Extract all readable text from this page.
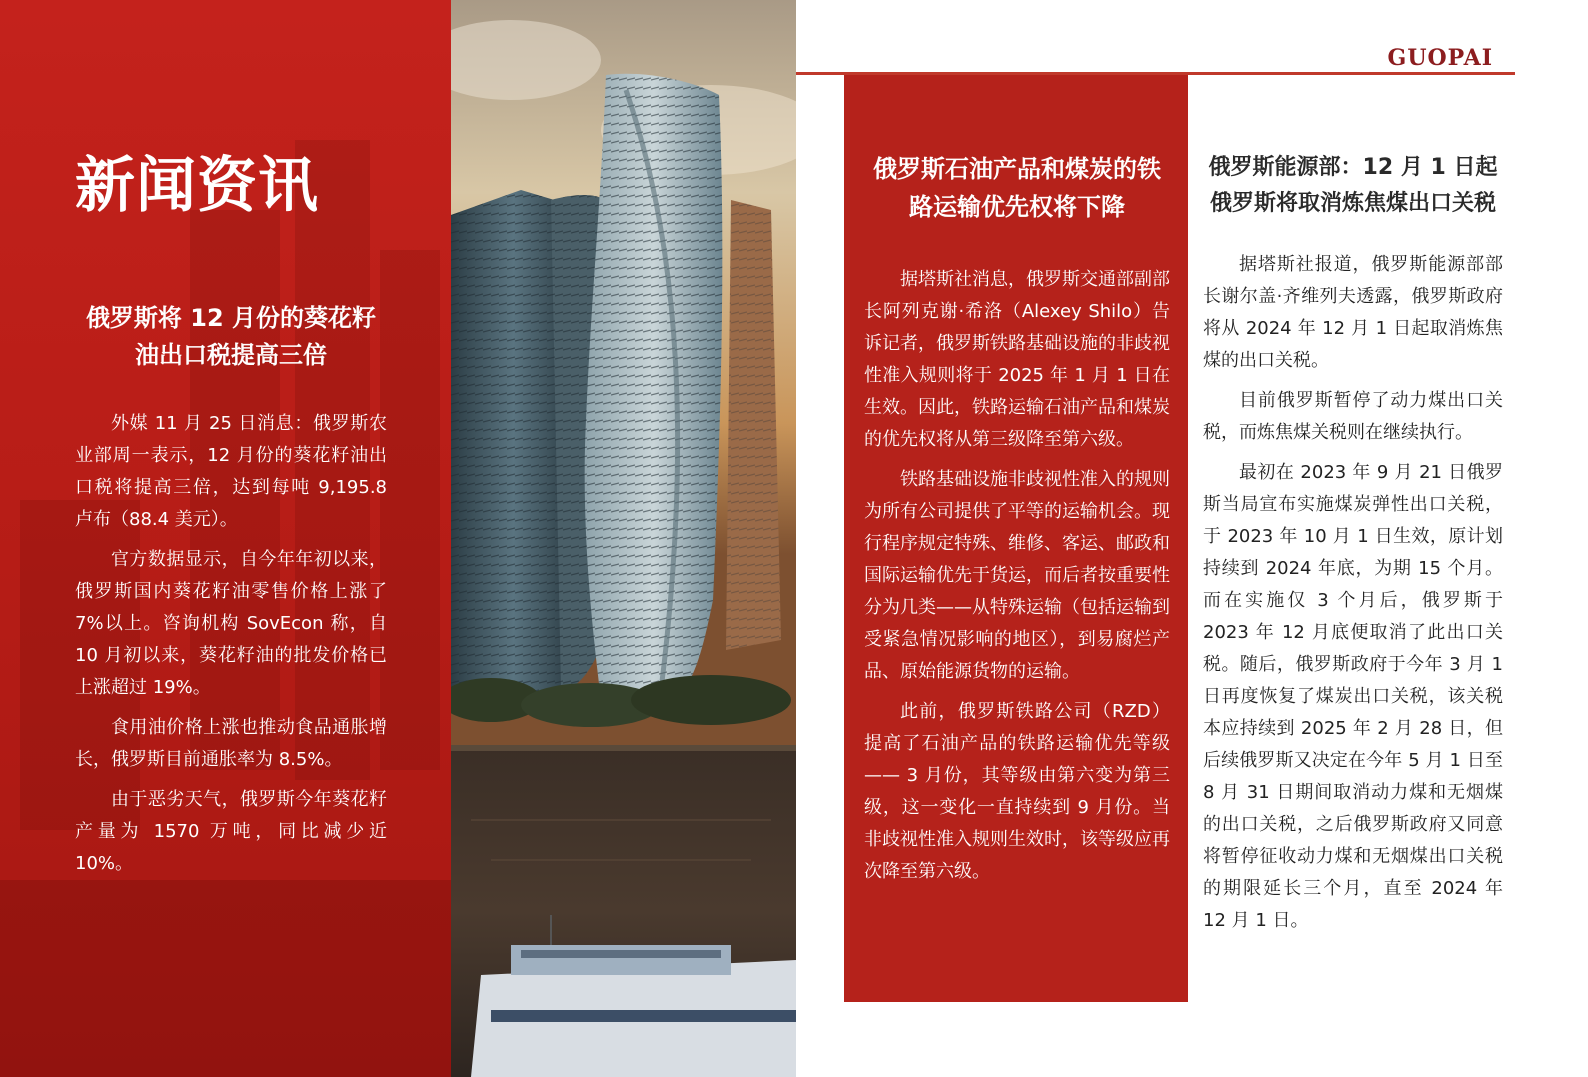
新闻资讯
俄罗斯将 12 月份的葵花籽油出口税提高三倍

外媒 11 月 25 日消息：俄罗斯农业部周一表示，12 月份的葵花籽油出口税将提高三倍，达到每吨 9,195.8 卢布（88.4 美元）。

官方数据显示，自今年年初以来，俄罗斯国内葵花籽油零售价格上涨了 7%以上。咨询机构 SovEcon 称，自 10 月初以来，葵花籽油的批发价格已上涨超过 19%。

食用油价格上涨也推动食品通胀增长，俄罗斯目前通胀率为 8.5%。

由于恶劣天气，俄罗斯今年葵花籽产量为 1570 万吨，同比减少近 10%。

GUOPAI
俄罗斯石油产品和煤炭的铁路运输优先权将下降

据塔斯社消息，俄罗斯交通部副部长阿列克谢·希洛（Alexey Shilo）告诉记者，俄罗斯铁路基础设施的非歧视性准入规则将于 2025 年 1 月 1 日在生效。因此，铁路运输石油产品和煤炭的优先权将从第三级降至第六级。

铁路基础设施非歧视性准入的规则为所有公司提供了平等的运输机会。现行程序规定特殊、维修、客运、邮政和国际运输优先于货运，而后者按重要性分为几类——从特殊运输（包括运输到受紧急情况影响的地区），到易腐烂产品、原始能源货物的运输。

此前，俄罗斯铁路公司（RZD）提高了石油产品的铁路运输优先等级—— 3 月份，其等级由第六变为第三级，这一变化一直持续到 9 月份。当非歧视性准入规则生效时，该等级应再次降至第六级。

俄罗斯能源部：12 月 1 日起俄罗斯将取消炼焦煤出口关税

据塔斯社报道，俄罗斯能源部部长谢尔盖·齐维列夫透露，俄罗斯政府将从 2024 年 12 月 1 日起取消炼焦煤的出口关税。

目前俄罗斯暂停了动力煤出口关税，而炼焦煤关税则在继续执行。

最初在 2023 年 9 月 21 日俄罗斯当局宣布实施煤炭弹性出口关税，于 2023 年 10 月 1 日生效，原计划持续到 2024 年底，为期 15 个月。而在实施仅 3 个月后，俄罗斯于 2023 年 12 月底便取消了此出口关税。随后，俄罗斯政府于今年 3 月 1 日再度恢复了煤炭出口关税，该关税本应持续到 2025 年 2 月 28 日，但后续俄罗斯又决定在今年 5 月 1 日至 8 月 31 日期间取消动力煤和无烟煤的出口关税，之后俄罗斯政府又同意将暂停征收动力煤和无烟煤出口关税的期限延长三个月，直至 2024 年 12 月 1 日。
